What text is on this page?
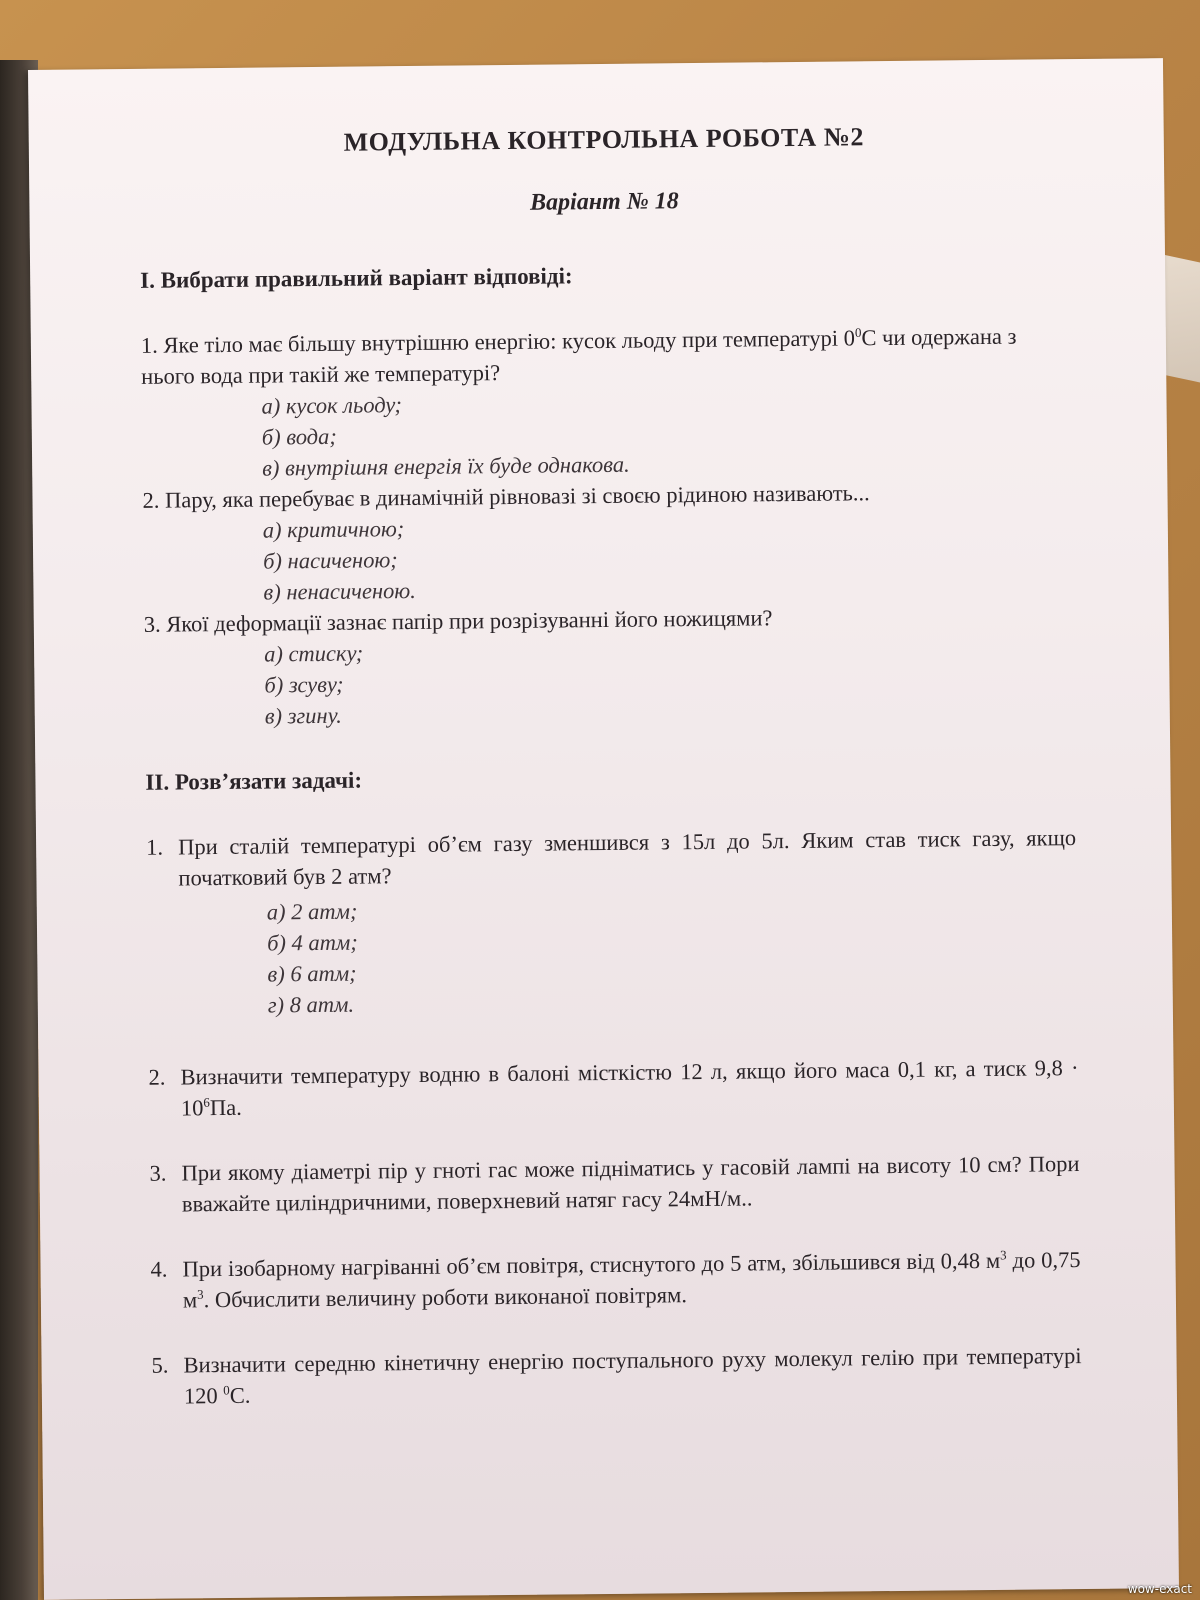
МОДУЛЬНА КОНТРОЛЬНА РОБОТА №2
Варіант № 18
І. Вибрати правильний варіант відповіді:
1. Яке тіло має більшу внутрішню енергію: кусок льоду при температурі $0^0С$ чи одержана з нього вода при такій же температурі?
а) кусок льоду;
б) вода;
в) внутрішня енергія їх буде однакова.
2. Пару, яка перебуває в динамічній рівновазі зі своєю рідиною називають...
а) критичною;
б) насиченою;
в) ненасиченою.
3. Якої деформації зазнає папір при розрізуванні його ножицями?
а) стиску;
б) зсуву;
в) згину.
ІІ. Розв’язати задачі:
1. При сталій температурі об’єм газу зменшився з 15л до 5л. Яким став тиск газу, якщо початковий був 2 атм?
а) 2 атм;
б) 4 атм;
в) 6 атм;
г) 8 атм.
2. Визначити температуру водню в балоні місткістю 12 л, якщо його маса 0,1 кг, а тиск $9,8 \cdot 10^6Па$.
3. При якому діаметрі пір у гноті гас може підніматись у гасовій лампі на висоту 10 см? Пори вважайте циліндричними, поверхневий натяг гасу 24мН/м..
4. При ізобарному нагріванні об’єм повітря, стиснутого до 5 атм, збільшився від 0,48 $м^3$ до 0,75 $м^3$. Обчислити величину роботи виконаної повітрям.
5. Визначити середню кінетичну енергію поступального руху молекул гелію при температурі 120 $^0$С.
wow-exact
